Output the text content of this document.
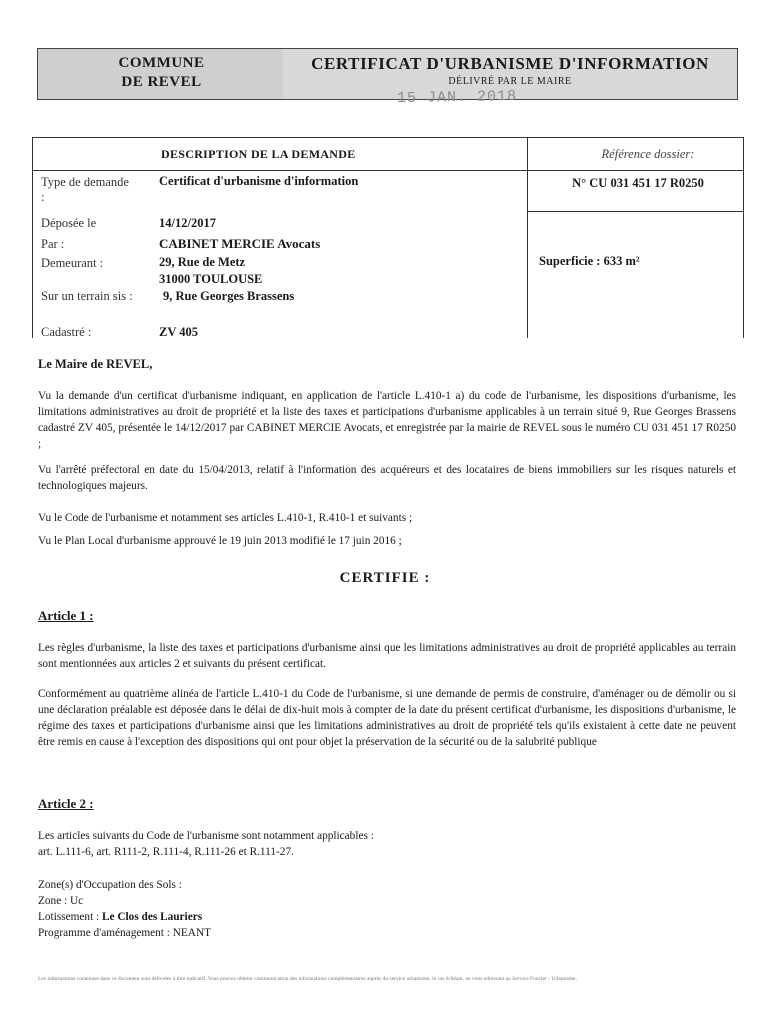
COMMUNE
DE REVEL
CERTIFICAT D'URBANISME D'INFORMATION
DÉLIVRÉ PAR LE MAIRE
15 JAN. 2018
DESCRIPTION DE LA DEMANDE	Référence dossier:
N° CU 031 451 17 R0250
Type de demande :
Certificat d'urbanisme d'information
Déposée le	14/12/2017
Par :	CABINET MERCIE Avocats
Demeurant :	29, Rue de Metz
31000 TOULOUSE
Superficie : 633 m²
Sur un terrain sis : 9, Rue Georges Brassens
Cadastré :	ZV 405
Le Maire de REVEL,
Vu la demande d'un certificat d'urbanisme indiquant, en application de l'article L.410-1 a) du code de l'urbanisme, les dispositions d'urbanisme, les limitations administratives au droit de propriété et la liste des taxes et participations d'urbanisme applicables à un terrain situé 9, Rue Georges Brassens cadastré ZV 405, présentée le 14/12/2017 par CABINET MERCIE Avocats, et enregistrée par la mairie de REVEL sous le numéro CU 031 451 17 R0250 ;
Vu l'arrêté préfectoral en date du 15/04/2013, relatif à l'information des acquéreurs et des locataires de biens immobiliers sur les risques naturels et technologiques majeurs.
Vu le Code de l'urbanisme et notamment ses articles L.410-1, R.410-1 et suivants ;
Vu le Plan Local d'urbanisme approuvé le 19 juin 2013 modifié le 17 juin 2016 ;
CERTIFIE :
Article 1 :
Les règles d'urbanisme, la liste des taxes et participations d'urbanisme ainsi que les limitations administratives au droit de propriété applicables au terrain sont mentionnées aux articles 2 et suivants du présent certificat.
Conformément au quatrième alinéa de l'article L.410-1 du Code de l'urbanisme, si une demande de permis de construire, d'aménager ou de démolir ou si une déclaration préalable est déposée dans le délai de dix-huit mois à compter de la date du présent certificat d'urbanisme, les dispositions d'urbanisme, le régime des taxes et participations d'urbanisme ainsi que les limitations administratives au droit de propriété tels qu'ils existaient à cette date ne peuvent être remis en cause à l'exception des dispositions qui ont pour objet la préservation de la sécurité ou de la salubrité publique
Article 2 :
Les articles suivants du Code de l'urbanisme sont notamment applicables :
art. L.111-6, art. R111-2, R.111-4, R.111-26 et R.111-27.
Zone(s) d'Occupation des Sols :
Zone : Uc
Lotissement : Le Clos des Lauriers
Programme d'aménagement : NEANT
Les informations contenues dans ce document sont délivrées à titre indicatif. Vous pouvez obtenir communication des informations complémentaires auprès du service urbanisme, le cas échéant, en vous adressant au Service Foncier - Urbanisme.
